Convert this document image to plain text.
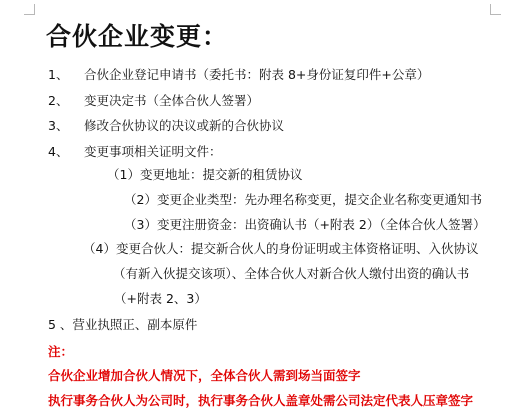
合伙企业变更：
1、 合伙企业登记申请书（委托书：附表 8+身份证复印件+公章）
2、 变更决定书（全体合伙人签署）
3、 修改合伙协议的决议或新的合伙协议
4、 变更事项相关证明文件：
（1）变更地址：提交新的租赁协议
（2）变更企业类型：先办理名称变更，提交企业名称变更通知书
（3）变更注册资金：出资确认书（+附表 2）（全体合伙人签署）
（4）变更合伙人：提交新合伙人的身份证明或主体资格证明、入伙协议
（有新入伙提交该项）、全体合伙人对新合伙人缴付出资的确认书
（+附表 2、3）
5 、营业执照正、副本原件
注：
合伙企业增加合伙人情况下，全体合伙人需到场当面签字
执行事务合伙人为公司时，执行事务合伙人盖章处需公司法定代表人压章签字
